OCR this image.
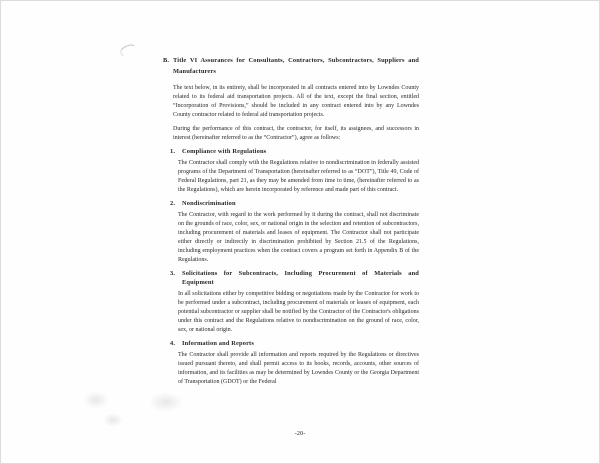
B. Title VI Assurances for Consultants, Contractors, Subcontractors, Suppliers and Manufacturers

The text below, in its entirety, shall be incorporated in all contracts entered into by Lowndes County related to its federal aid transportation projects. All of the text, except the final section, entitled “Incorporation of Provisions,” should be included in any contract entered into by any Lowndes County contractor related to federal aid transportation projects.

During the performance of this contract, the contractor, for itself, its assignees, and successors in interest (hereinafter referred to as the “Contractor”), agree as follows:

1. Compliance with Regulations

The Contractor shall comply with the Regulations relative to nondiscrimination in federally assisted programs of the Department of Transportation (hereinafter referred to as “DOT”), Title 49, Code of Federal Regulations, part 21, as they may be amended from time to time, (hereinafter referred to as the Regulations), which are herein incorporated by reference and made part of this contract.

2. Nondiscrimination

The Contractor, with regard to the work performed by it during the contract, shall not discriminate on the grounds of race, color, sex, or national origin in the selection and retention of subcontractors, including procurement of materials and leases of equipment. The Contractor shall not participate either directly or indirectly in discrimination prohibited by Section 21.5 of the Regulations, including employment practices when the contract covers a program set forth in Appendix B of the Regulations.

3. Solicitations for Subcontracts, Including Procurement of Materials and Equipment

In all solicitations either by competitive bidding or negotiations made by the Contractor for work to be performed under a subcontract, including procurement of materials or leases of equipment, each potential subcontractor or supplier shall be notified by the Contractor of the Contractor's obligations under this contract and the Regulations relative to nondiscrimination on the ground of race, color, sex, or national origin.

4. Information and Reports

The Contractor shall provide all information and reports required by the Regulations or directives issued pursuant thereto, and shall permit access to its books, records, accounts, other sources of information, and its facilities as may be determined by Lowndes County or the Georgia Department of Transportation (GDOT) or the Federal

-20-
